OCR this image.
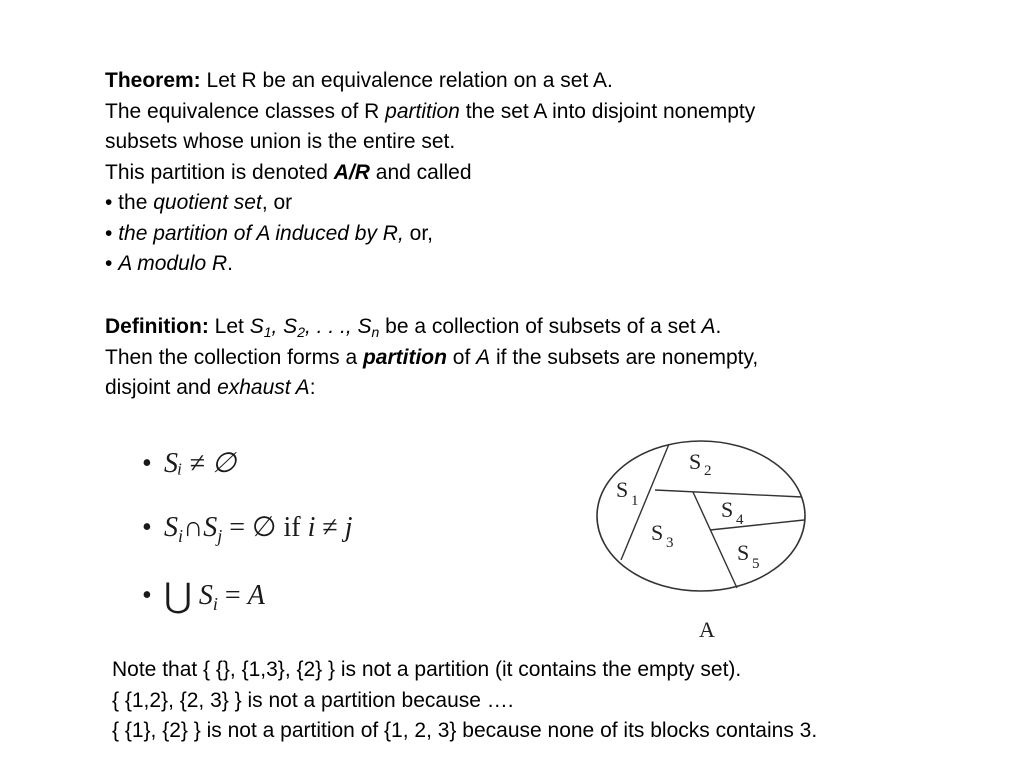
Theorem: Let R be an equivalence relation on a set A.
The equivalence classes of R partition the set A into disjoint nonempty
subsets whose union is the entire set.
This partition is denoted A/R and called
• the quotient set, or
• the partition of A induced by R, or,
• A modulo R.
Definition: Let $S_1$, $S_2$, . . ., $S_n$ be a collection of subsets of a set A.
Then the collection forms a partition of A if the subsets are nonempty,
disjoint and exhaust A:
• Sᵢ ≠ ∅
• $S_i\cap S_j$ = ∅ if i ≠ j
• ⋃ $S_i = A$
S 1
S 2
S 3
S 4
S 5
A
Note that { {}, {1,3}, {2} } is not a partition (it contains the empty set).
{ {1,2}, {2, 3} } is not a partition because ….
{ {1}, {2} } is not a partition of {1, 2, 3} because none of its blocks contains 3.
